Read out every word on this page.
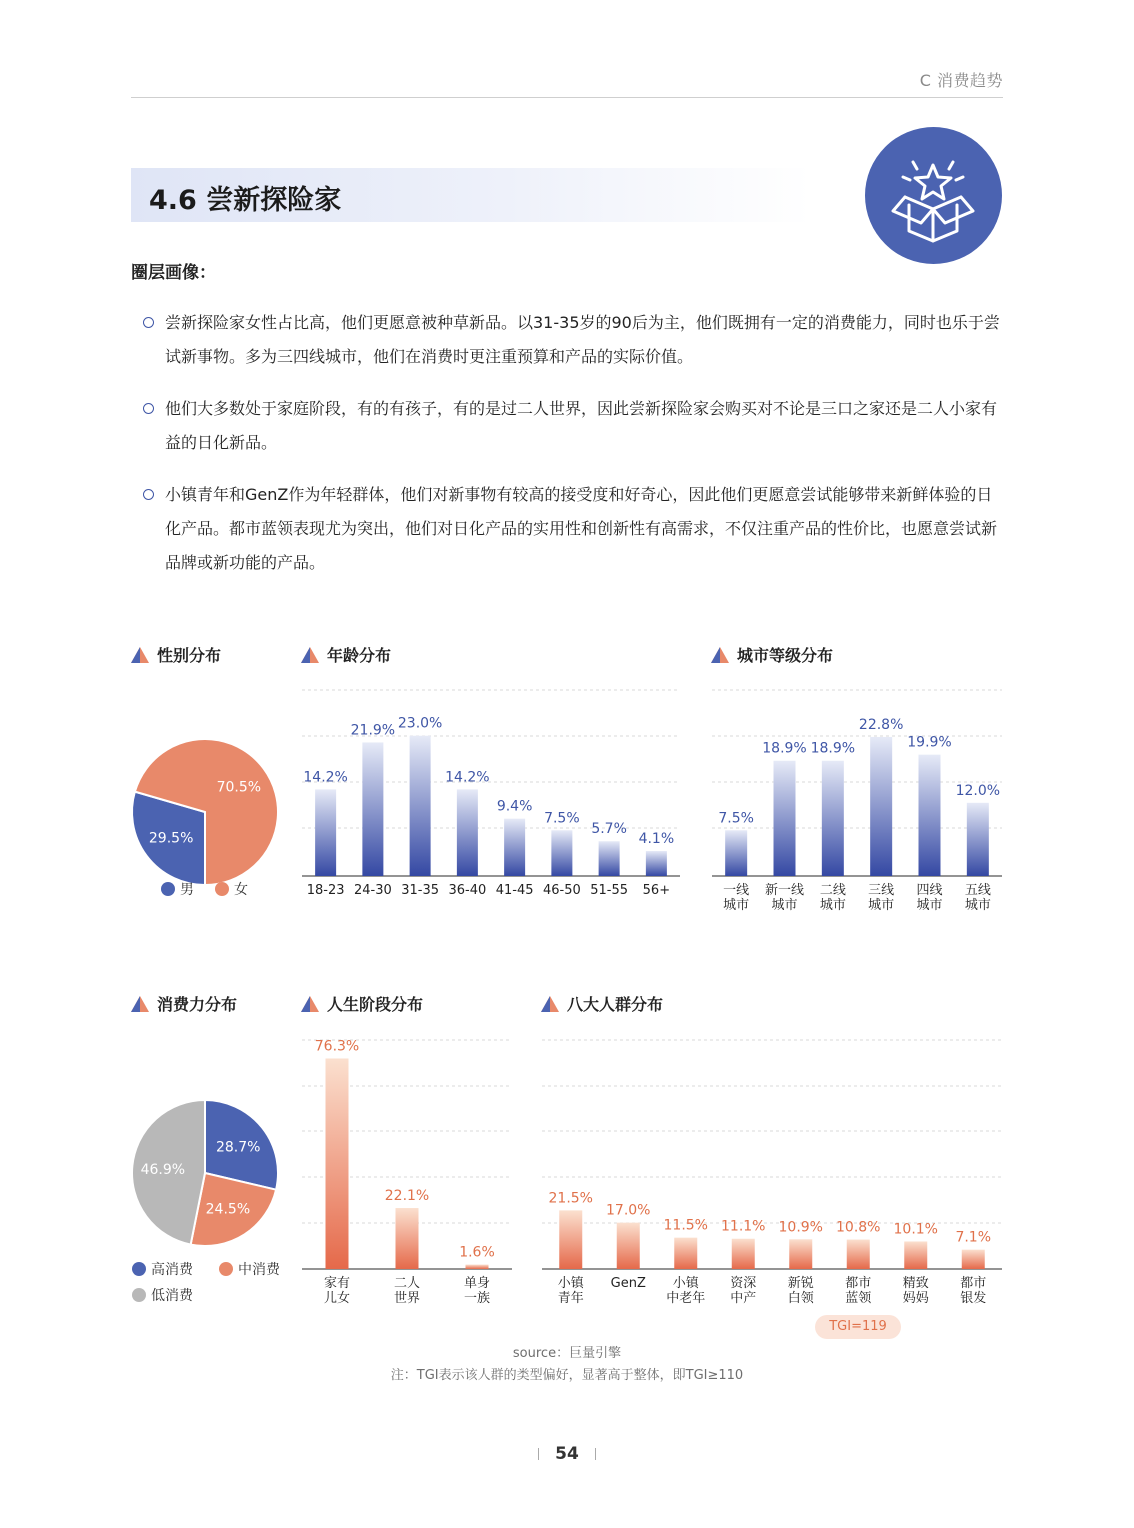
C 消费趋势
4.6 尝新探险家
圈层画像：
尝新探险家女性占比高，他们更愿意被种草新品。以31-35岁的90后为主，他们既拥有一定的消费能力，同时也乐于尝试新事物。多为三四线城市，他们在消费时更注重预算和产品的实际价值。
他们大多数处于家庭阶段，有的有孩子，有的是过二人世界，因此尝新探险家会购买对不论是三口之家还是二人小家有益的日化新品。
小镇青年和GenZ作为年轻群体，他们对新事物有较高的接受度和好奇心，因此他们更愿意尝试能够带来新鲜体验的日化产品。都市蓝领表现尤为突出，他们对日化产品的实用性和创新性有高需求，不仅注重产品的性价比，也愿意尝试新品牌或新功能的产品。
性别分布	年龄分布	城市等级分布
消费力分布	人生阶段分布	八大人群分布
29.5%
70.5%
男	女
14.2%
18-23
21.9%
24-30
23.0%
31-35
14.2%
36-40
9.4%
41-45
7.5%
46-50
5.7%
51-55
4.1%
56+
7.5%
一线
城市
18.9%
新一线
城市
18.9%
二线
城市
22.8%
三线
城市
19.9%
四线
城市
12.0%
五线
城市
28.7%
24.5%
46.9%
高消费	中消费
低消费
76.3%
家有
儿女
22.1%
二人
世界
1.6%
单身
一族
21.5%
小镇
青年
17.0%
GenZ
11.5%
小镇
中老年
11.1%
资深
中产
10.9%
新锐
白领
10.8%
都市
蓝领
10.1%
精致
妈妈
7.1%
都市
银发
TGI=119
source：巨量引擎
注：TGI表示该人群的类型偏好，显著高于整体，即TGI≥110
54
